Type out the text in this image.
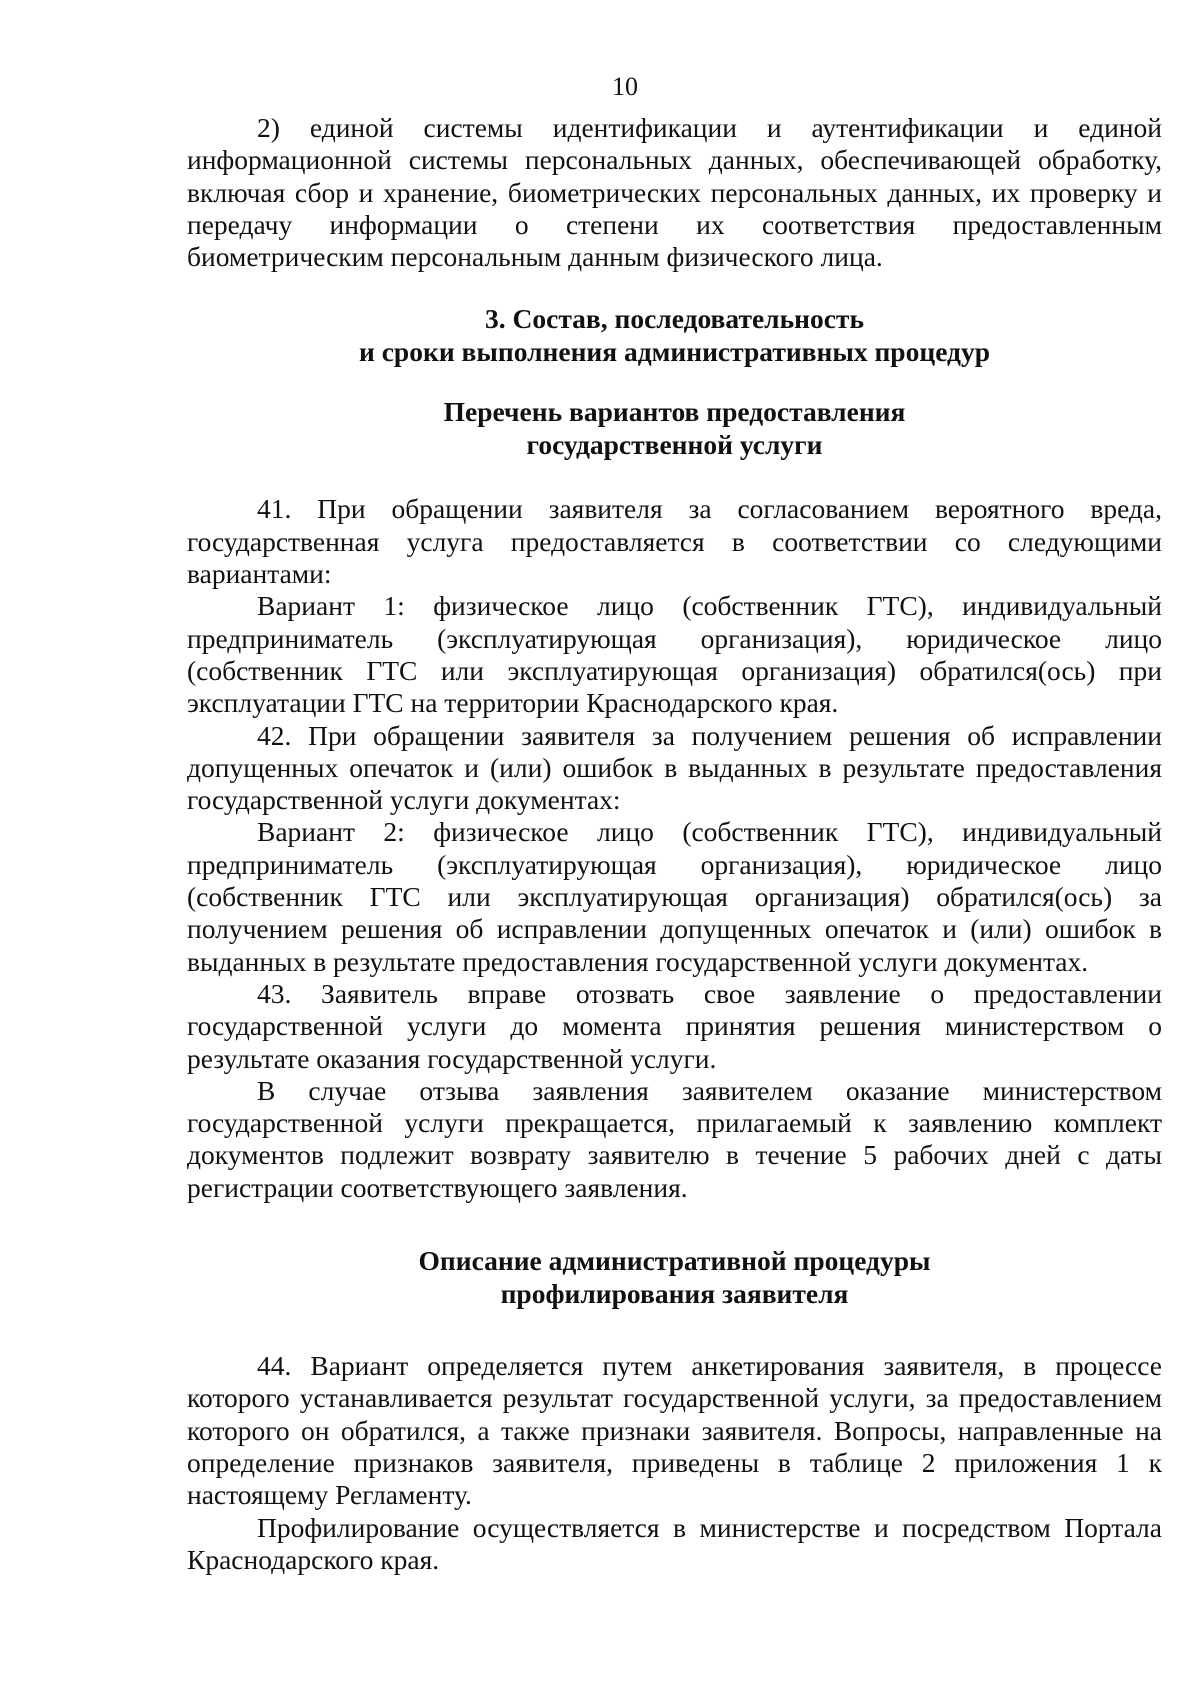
10

2) единой системы идентификации и аутентификации и единой информационной системы персональных данных, обеспечивающей обработку, включая сбор и хранение, биометрических персональных данных, их проверку и передачу информации о степени их соответствия предоставленным биометрическим персональным данным физического лица.

3. Состав, последовательность
и сроки выполнения административных процедур
Перечень вариантов предоставления
государственной услуги

41. При обращении заявителя за согласованием вероятного вреда, государственная услуга предоставляется в соответствии со следующими вариантами:

Вариант 1: физическое лицо (собственник ГТС), индивидуальный предприниматель (эксплуатирующая организация), юридическое лицо (собственник ГТС или эксплуатирующая организация) обратился(ось) при эксплуатации ГТС на территории Краснодарского края.

42. При обращении заявителя за получением решения об исправлении допущенных опечаток и (или) ошибок в выданных в результате предоставления государственной услуги документах:

Вариант 2: физическое лицо (собственник ГТС), индивидуальный предприниматель (эксплуатирующая организация), юридическое лицо (собственник ГТС или эксплуатирующая организация) обратился(ось) за получением решения об исправлении допущенных опечаток и (или) ошибок в выданных в результате предоставления государственной услуги документах.

43. Заявитель вправе отозвать свое заявление о предоставлении государственной услуги до момента принятия решения министерством о результате оказания государственной услуги.

В случае отзыва заявления заявителем оказание министерством государственной услуги прекращается, прилагаемый к заявлению комплект документов подлежит возврату заявителю в течение 5 рабочих дней с даты регистрации соответствующего заявления.

Описание административной процедуры
профилирования заявителя

44. Вариант определяется путем анкетирования заявителя, в процессе которого устанавливается результат государственной услуги, за предоставлением которого он обратился, а также признаки заявителя. Вопросы, направленные на определение признаков заявителя, приведены в таблице 2 приложения 1 к настоящему Регламенту.

Профилирование осуществляется в министерстве и посредством Портала Краснодарского края.
